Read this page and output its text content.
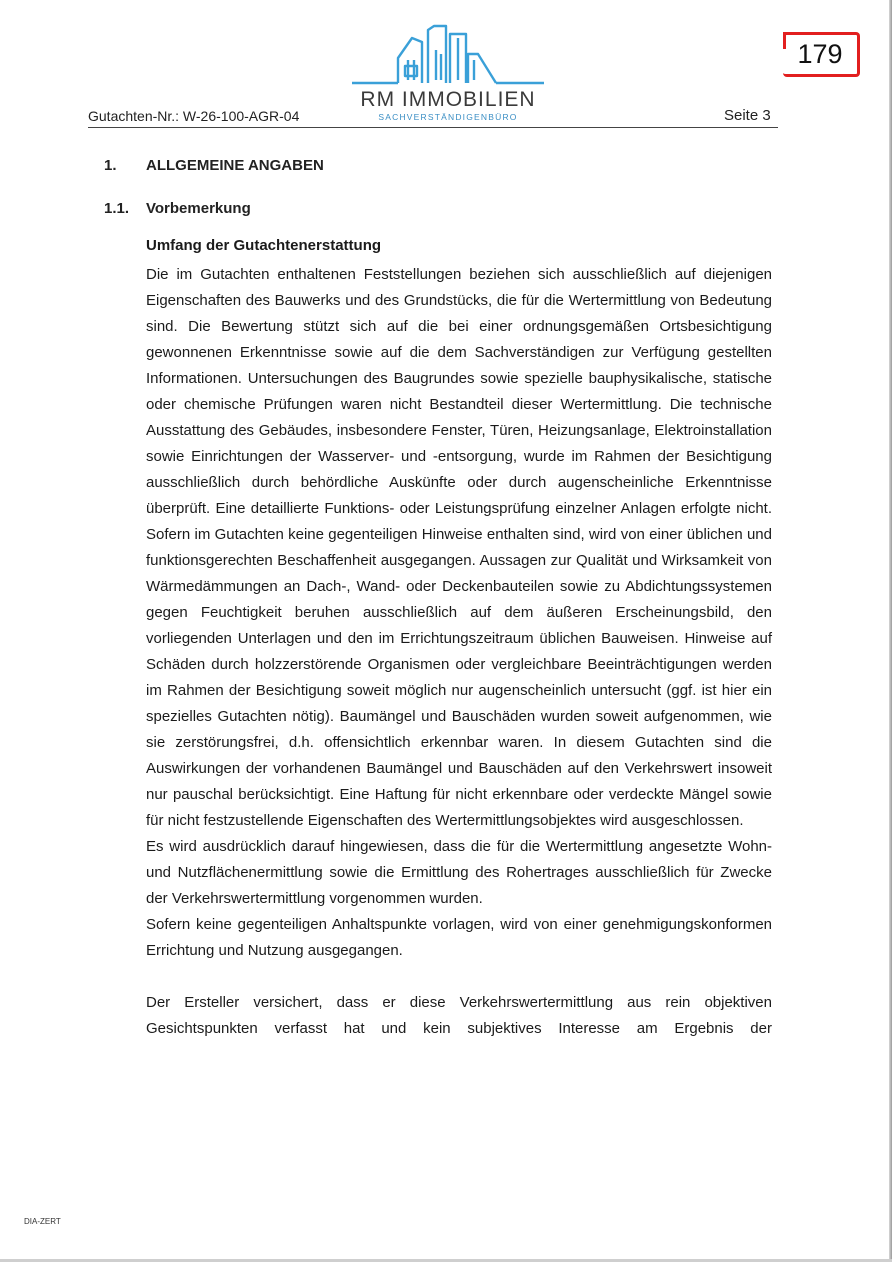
179
RM IMMOBILIEN
SACHVERSTÄNDIGENBÜRO
Gutachten-Nr.: W-26-100-AGR-04	Seite 3
1. ALLGEMEINE ANGABEN
1.1. Vorbemerkung
Umfang der Gutachtenerstattung

Die im Gutachten enthaltenen Feststellungen beziehen sich ausschließlich auf diejenigen Eigenschaften des Bauwerks und des Grundstücks, die für die Wertermittlung von Bedeutung sind. Die Bewertung stützt sich auf die bei einer ordnungsgemäßen Ortsbesichtigung gewonnenen Erkenntnisse sowie auf die dem Sachverständigen zur Verfügung gestellten Informationen. Untersuchungen des Baugrundes sowie spezielle bauphysikalische, statische oder chemische Prüfungen waren nicht Bestandteil dieser Wertermittlung. Die technische Ausstattung des Gebäudes, insbesondere Fenster, Türen, Heizungsanlage, Elektroinstallation sowie Einrichtungen der Wasserver- und -entsorgung, wurde im Rahmen der Besichtigung ausschließlich durch behördliche Auskünfte oder durch augenscheinliche Erkenntnisse überprüft. Eine detaillierte Funktions- oder Leistungsprüfung einzelner Anlagen erfolgte nicht. Sofern im Gutachten keine gegenteiligen Hinweise enthalten sind, wird von einer üblichen und funktionsgerechten Beschaffenheit ausgegangen. Aussagen zur Qualität und Wirksamkeit von Wärmedämmungen an Dach-, Wand- oder Deckenbauteilen sowie zu Abdichtungssystemen gegen Feuchtigkeit beruhen ausschließlich auf dem äußeren Erscheinungsbild, den vorliegenden Unterlagen und den im Errichtungszeitraum üblichen Bauweisen. Hinweise auf Schäden durch holzzerstörende Organismen oder vergleichbare Beeinträchtigungen werden im Rahmen der Besichtigung soweit möglich nur augenscheinlich untersucht (ggf. ist hier ein spezielles Gutachten nötig). Baumängel und Bauschäden wurden soweit aufgenommen, wie sie zerstörungsfrei, d.h. offensichtlich erkennbar waren. In diesem Gutachten sind die Auswirkungen der vorhandenen Baumängel und Bauschäden auf den Verkehrswert insoweit nur pauschal berücksichtigt. Eine Haftung für nicht erkennbare oder verdeckte Mängel sowie für nicht festzustellende Eigenschaften des Wertermittlungsobjektes wird ausgeschlossen.

Es wird ausdrücklich darauf hingewiesen, dass die für die Wertermittlung angesetzte Wohn- und Nutzflächenermittlung sowie die Ermittlung des Rohertrages ausschließlich für Zwecke der Verkehrswertermittlung vorgenommen wurden.

Sofern keine gegenteiligen Anhaltspunkte vorlagen, wird von einer genehmigungskonformen Errichtung und Nutzung ausgegangen.

Der Ersteller versichert, dass er diese Verkehrswertermittlung aus rein objektiven Gesichtspunkten verfasst hat und kein subjektives Interesse am Ergebnis der

DIA-ZERT
